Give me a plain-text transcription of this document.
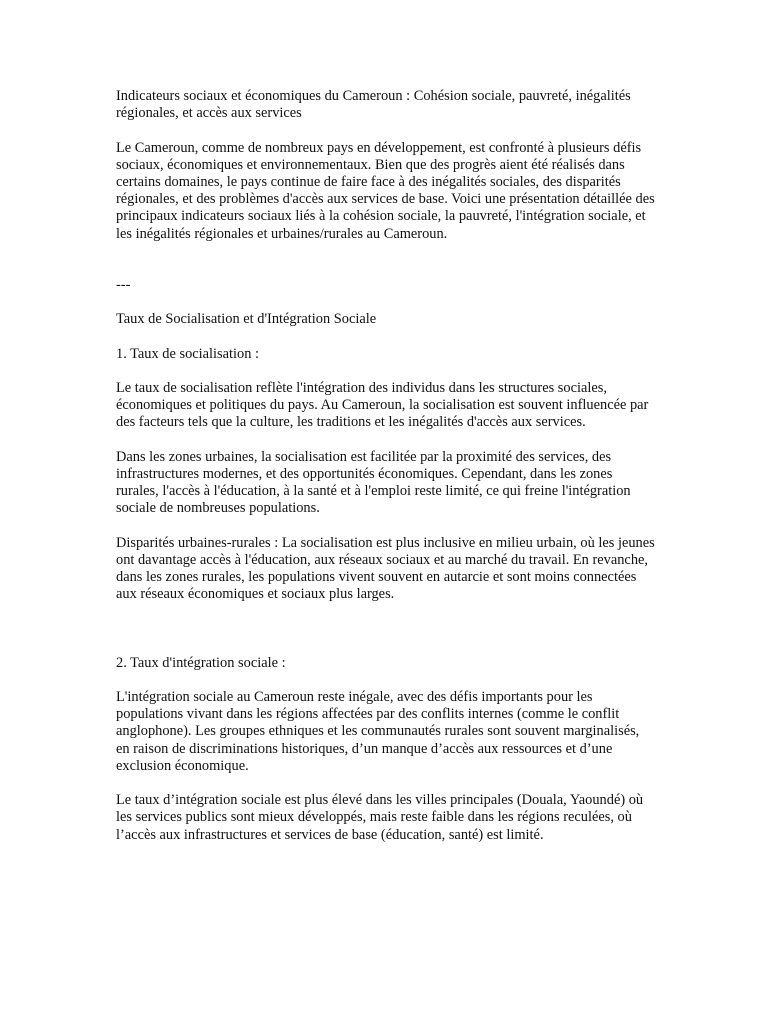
Indicateurs sociaux et économiques du Cameroun : Cohésion sociale, pauvreté, inégalités régionales, et accès aux services

Le Cameroun, comme de nombreux pays en développement, est confronté à plusieurs défis sociaux, économiques et environnementaux. Bien que des progrès aient été réalisés dans certains domaines, le pays continue de faire face à des inégalités sociales, des disparités régionales, et des problèmes d'accès aux services de base. Voici une présentation détaillée des principaux indicateurs sociaux liés à la cohésion sociale, la pauvreté, l'intégration sociale, et les inégalités régionales et urbaines/rurales au Cameroun.

---

Taux de Socialisation et d'Intégration Sociale

1. Taux de socialisation :

Le taux de socialisation reflète l'intégration des individus dans les structures sociales, économiques et politiques du pays. Au Cameroun, la socialisation est souvent influencée par des facteurs tels que la culture, les traditions et les inégalités d'accès aux services.

Dans les zones urbaines, la socialisation est facilitée par la proximité des services, des infrastructures modernes, et des opportunités économiques. Cependant, dans les zones rurales, l'accès à l'éducation, à la santé et à l'emploi reste limité, ce qui freine l'intégration sociale de nombreuses populations.

Disparités urbaines-rurales : La socialisation est plus inclusive en milieu urbain, où les jeunes ont davantage accès à l'éducation, aux réseaux sociaux et au marché du travail. En revanche, dans les zones rurales, les populations vivent souvent en autarcie et sont moins connectées aux réseaux économiques et sociaux plus larges.

2. Taux d'intégration sociale :

L'intégration sociale au Cameroun reste inégale, avec des défis importants pour les populations vivant dans les régions affectées par des conflits internes (comme le conflit anglophone). Les groupes ethniques et les communautés rurales sont souvent marginalisés, en raison de discriminations historiques, d’un manque d’accès aux ressources et d’une exclusion économique.

Le taux d’intégration sociale est plus élevé dans les villes principales (Douala, Yaoundé) où les services publics sont mieux développés, mais reste faible dans les régions reculées, où l’accès aux infrastructures et services de base (éducation, santé) est limité.
